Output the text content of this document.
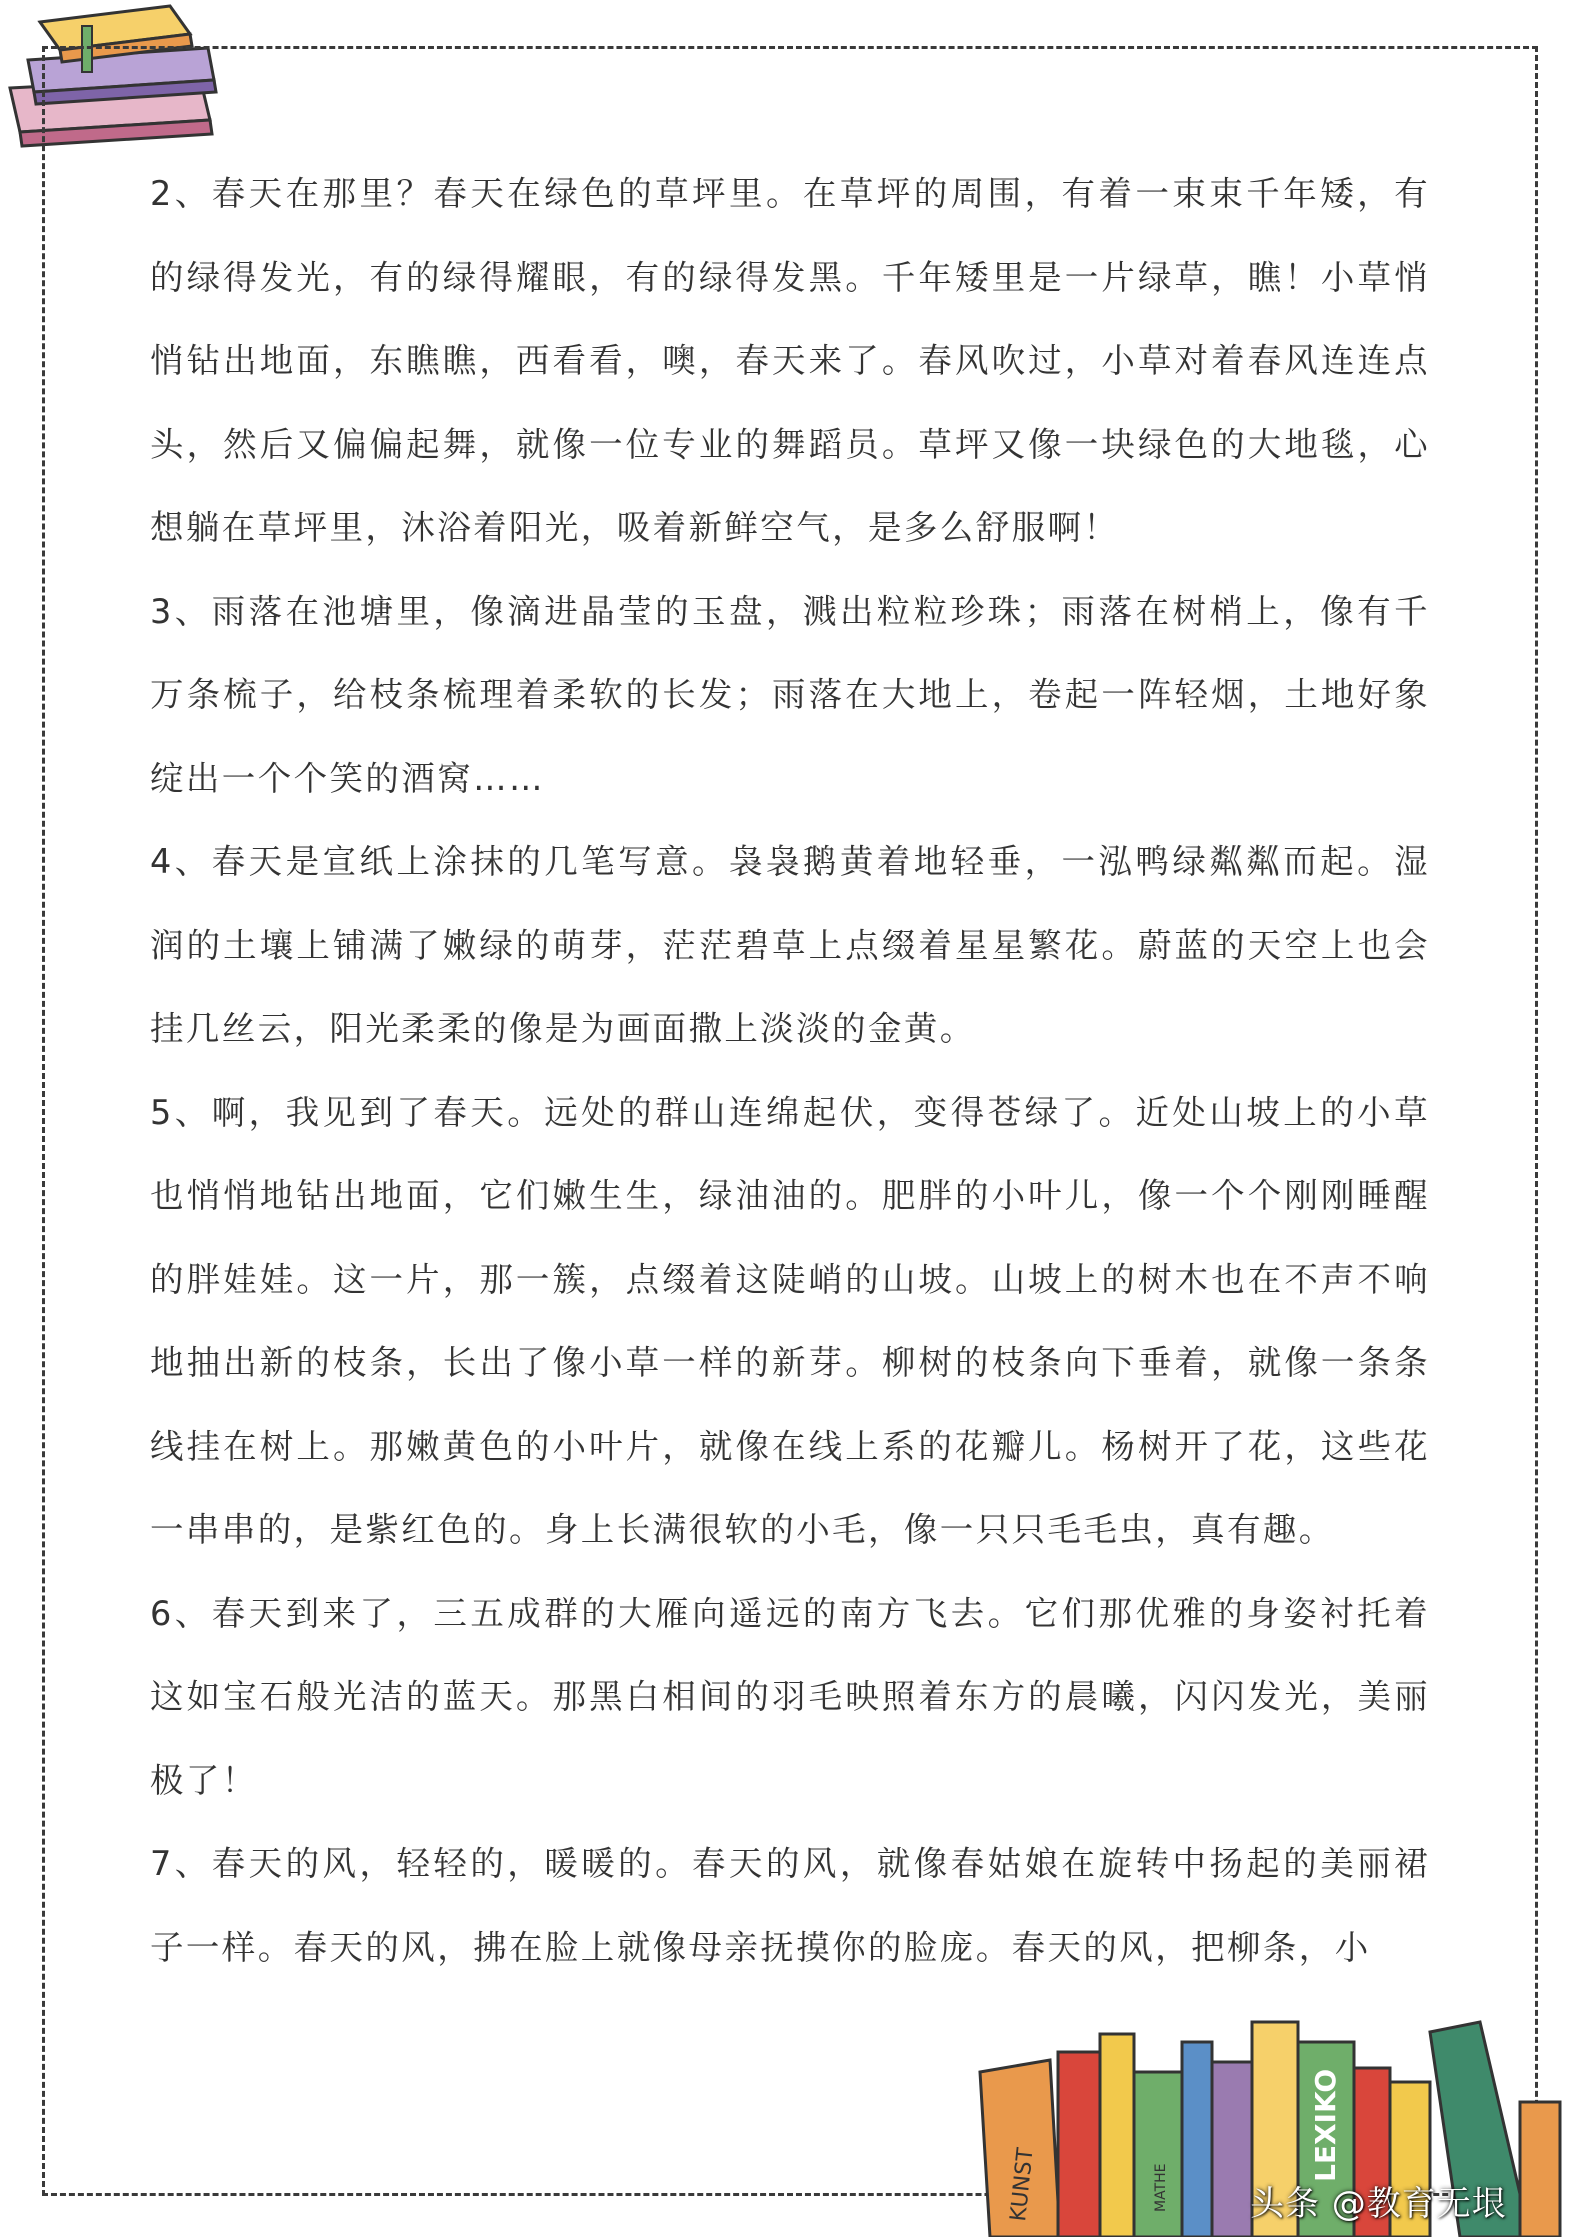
2、春天在那里？春天在绿色的草坪里。在草坪的周围，有着一束束千年矮，有的绿得发光，有的绿得耀眼，有的绿得发黑。千年矮里是一片绿草，瞧！小草悄悄钻出地面，东瞧瞧，西看看，噢，春天来了。春风吹过，小草对着春风连连点头，然后又偏偏起舞，就像一位专业的舞蹈员。草坪又像一块绿色的大地毯，心想躺在草坪里，沐浴着阳光，吸着新鲜空气，是多么舒服啊！

3、雨落在池塘里，像滴进晶莹的玉盘，溅出粒粒珍珠；雨落在树梢上，像有千万条梳子，给枝条梳理着柔软的长发；雨落在大地上，卷起一阵轻烟，土地好象绽出一个个笑的酒窝……

4、春天是宣纸上涂抹的几笔写意。袅袅鹅黄着地轻垂，一泓鸭绿粼粼而起。湿润的土壤上铺满了嫩绿的萌芽，茫茫碧草上点缀着星星繁花。蔚蓝的天空上也会挂几丝云，阳光柔柔的像是为画面撒上淡淡的金黄。

5、啊，我见到了春天。远处的群山连绵起伏，变得苍绿了。近处山坡上的小草也悄悄地钻出地面，它们嫩生生，绿油油的。肥胖的小叶儿，像一个个刚刚睡醒的胖娃娃。这一片，那一簇，点缀着这陡峭的山坡。山坡上的树木也在不声不响地抽出新的枝条，长出了像小草一样的新芽。柳树的枝条向下垂着，就像一条条线挂在树上。那嫩黄色的小叶片，就像在线上系的花瓣儿。杨树开了花，这些花一串串的，是紫红色的。身上长满很软的小毛，像一只只毛毛虫，真有趣。

6、春天到来了，三五成群的大雁向遥远的南方飞去。它们那优雅的身姿衬托着这如宝石般光洁的蓝天。那黑白相间的羽毛映照着东方的晨曦，闪闪发光，美丽极了！

7、春天的风，轻轻的，暖暖的。春天的风，就像春姑娘在旋转中扬起的美丽裙子一样。春天的风，拂在脸上就像母亲抚摸你的脸庞。春天的风，把柳条，小

KUNST	MATHE
LEXIKO
头条 @教育无垠
